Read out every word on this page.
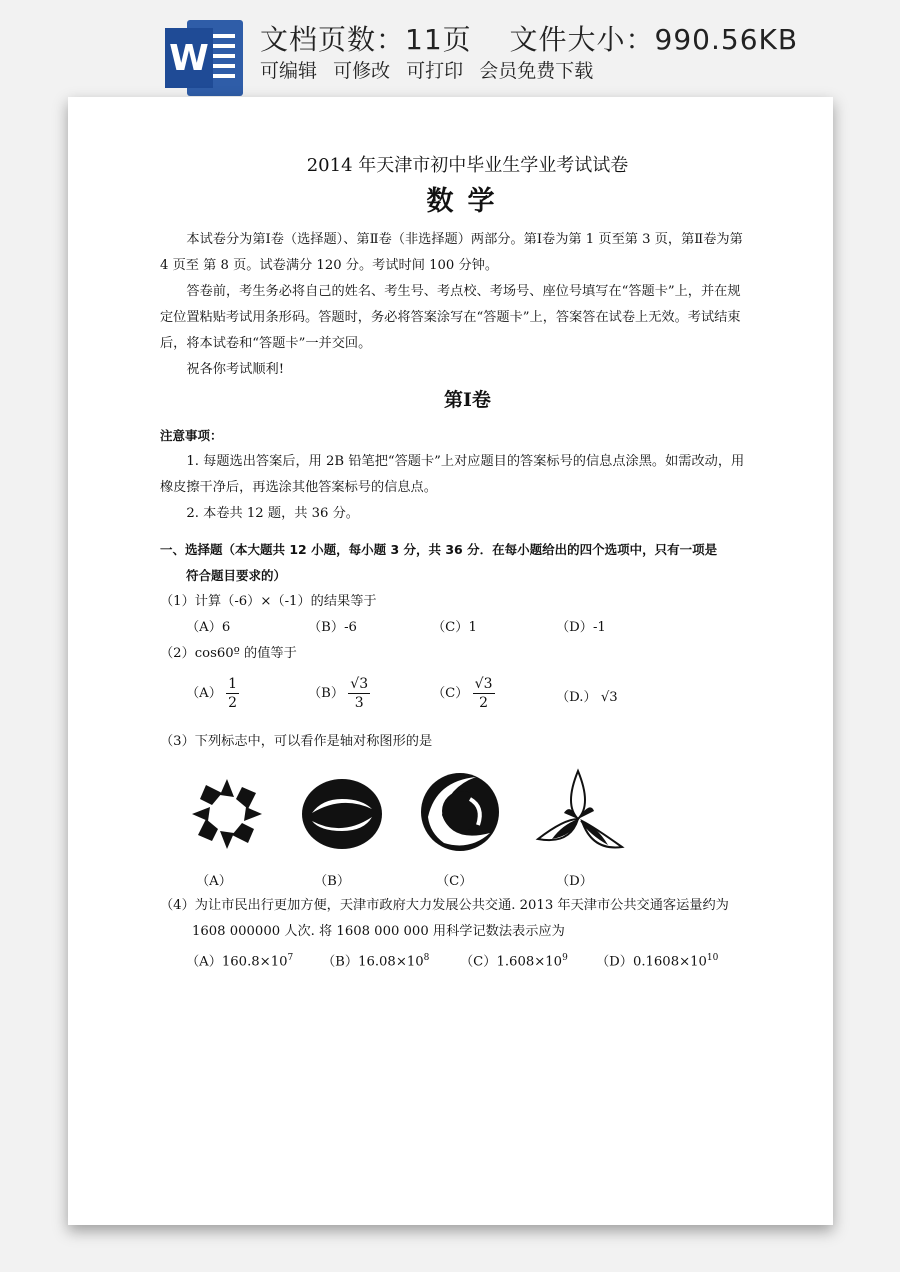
W 文档页数：11页 文件大小：990.56KB
可编辑 可修改 可打印 会员免费下载
2014 年天津市初中毕业生学业考试试卷
数学
本试卷分为第Ⅰ卷（选择题）、第Ⅱ卷（非选择题）两部分。第Ⅰ卷为第 1 页至第 3 页，第Ⅱ卷为第 4 页至 第 8 页。试卷满分 120 分。考试时间 100 分钟。
答卷前，考生务必将自己的姓名、考生号、考点校、考场号、座位号填写在“答题卡”上，并在规定位置粘贴考试用条形码。答题时，务必将答案涂写在“答题卡”上，答案答在试卷上无效。考试结束后，将本试卷和“答题卡”一并交回。
祝各你考试顺利!
第Ⅰ卷
注意事项：
1. 每题选出答案后，用 2B 铅笔把“答题卡”上对应题目的答案标号的信息点涂黑。如需改动，用橡皮擦干净后，再选涂其他答案标号的信息点。
2. 本卷共 12 题，共 36 分。
一、选择题（本大题共 12 小题，每小题 3 分，共 36 分．在每小题给出的四个选项中，只有一项是
符合题目要求的）
（1）计算（-6）×（-1）的结果等于
（A）6	（B）-6	（C）1	（D）-1
（2）cos60º 的值等于
$(A) \frac{1}{2}$	$(B) \frac{√3}{3}$	$(C) \frac{√3}{2}$	（D.） √3
（3）下列标志中，可以看作是轴对称图形的是
（A）	（B）	（C）	（D）
（4）为让市民出行更加方便，天津市政府大力发展公共交通. 2013 年天津市公共交通客运量约为
1608 000000 人次. 将 1608 000 000 用科学记数法表示应为
$(A)160.8\times 10^7$ $(B)16.08\times 10^8$ $(C)1.608\times 10^9$ $(D)0.1608\times 10^{10}$
